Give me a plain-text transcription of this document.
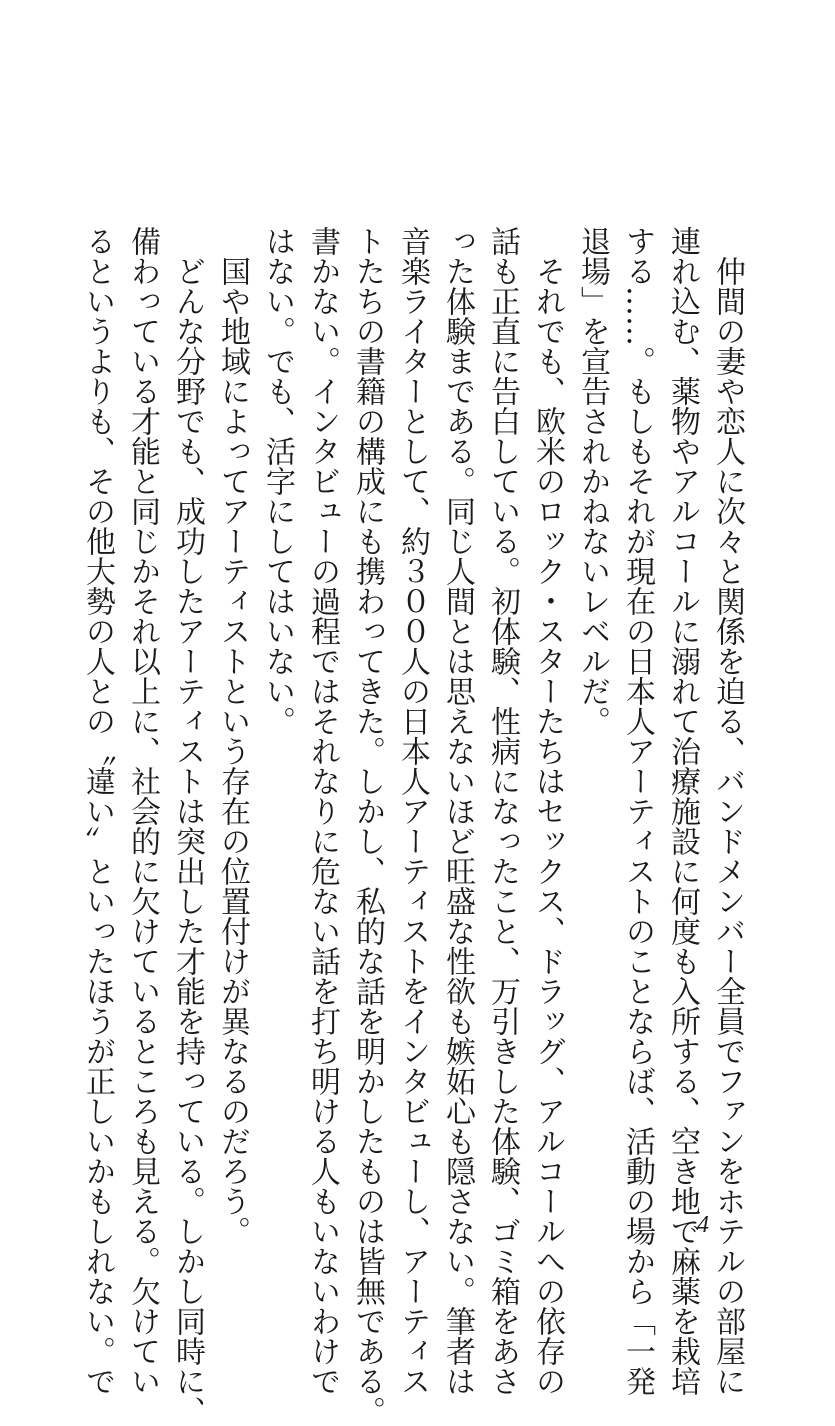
　仲間の妻や恋人に次々と関係を迫る、バンドメンバー全員でファンをホテルの部屋に

連れ込む、薬物やアルコールに溺れて治療施設に何度も入所する、空き地で麻薬を栽培

する……。もしもそれが現在の日本人アーティストのことならば、活動の場から「一発

退場」を宣告されかねないレベルだ。

　それでも、欧米のロック・スターたちはセックス、ドラッグ、アルコールへの依存の

話も正直に告白している。初体験、性病になったこと、万引きした体験、ゴミ箱をあさ

った体験まである。同じ人間とは思えないほど旺盛な性欲も嫉妬心も隠さない。筆者は

音楽ライターとして、約３００人の日本人アーティストをインタビューし、アーティス

トたちの書籍の構成にも携わってきた。しかし、私的な話を明かしたものは皆無である。

書かない。インタビューの過程ではそれなりに危ない話を打ち明ける人もいないわけで

はない。でも、活字にしてはいない。

　国や地域によってアーティストという存在の位置付けが異なるのだろう。

　どんな分野でも、成功したアーティストは突出した才能を持っている。しかし同時に、

備わっている才能と同じかそれ以上に、社会的に欠けているところも見える。欠けてい

るというよりも、その他大勢の人との〝違い〟といったほうが正しいかもしれない。で	4
